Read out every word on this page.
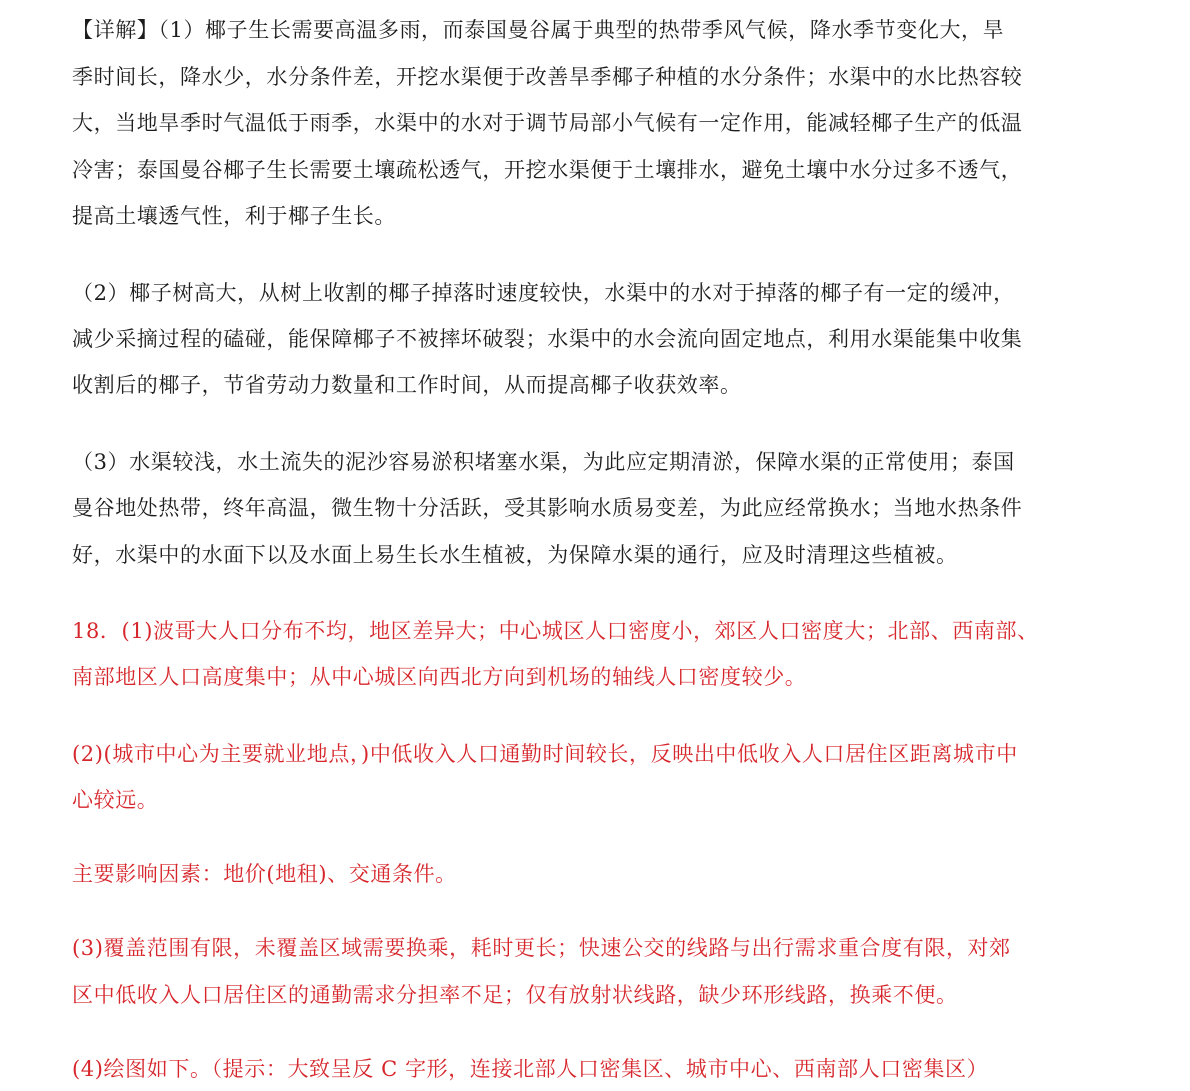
【详解】（1）椰子生长需要高温多雨，而泰国曼谷属于典型的热带季风气候，降水季节变化大，旱
季时间长，降水少，水分条件差，开挖水渠便于改善旱季椰子种植的水分条件；水渠中的水比热容较
大，当地旱季时气温低于雨季，水渠中的水对于调节局部小气候有一定作用，能减轻椰子生产的低温
冷害；泰国曼谷椰子生长需要土壤疏松透气，开挖水渠便于土壤排水，避免土壤中水分过多不透气，
提高土壤透气性，利于椰子生长。
（2）椰子树高大，从树上收割的椰子掉落时速度较快，水渠中的水对于掉落的椰子有一定的缓冲，
减少采摘过程的磕碰，能保障椰子不被摔坏破裂；水渠中的水会流向固定地点，利用水渠能集中收集
收割后的椰子，节省劳动力数量和工作时间，从而提高椰子收获效率。
（3）水渠较浅，水土流失的泥沙容易淤积堵塞水渠，为此应定期清淤，保障水渠的正常使用；泰国
曼谷地处热带，终年高温，微生物十分活跃，受其影响水质易变差，为此应经常换水；当地水热条件
好，水渠中的水面下以及水面上易生长水生植被，为保障水渠的通行，应及时清理这些植被。
18．(1)波哥大人口分布不均，地区差异大；中心城区人口密度小，郊区人口密度大；北部、西南部、
南部地区人口高度集中；从中心城区向西北方向到机场的轴线人口密度较少。
(2)(城市中心为主要就业地点，)中低收入人口通勤时间较长，反映出中低收入人口居住区距离城市中
心较远。
主要影响因素：地价(地租)、交通条件。
(3)覆盖范围有限，未覆盖区域需要换乘，耗时更长；快速公交的线路与出行需求重合度有限，对郊
区中低收入人口居住区的通勤需求分担率不足；仅有放射状线路，缺少环形线路，换乘不便。
(4)绘图如下。（提示：大致呈反 C 字形，连接北部人口密集区、城市中心、西南部人口密集区）
